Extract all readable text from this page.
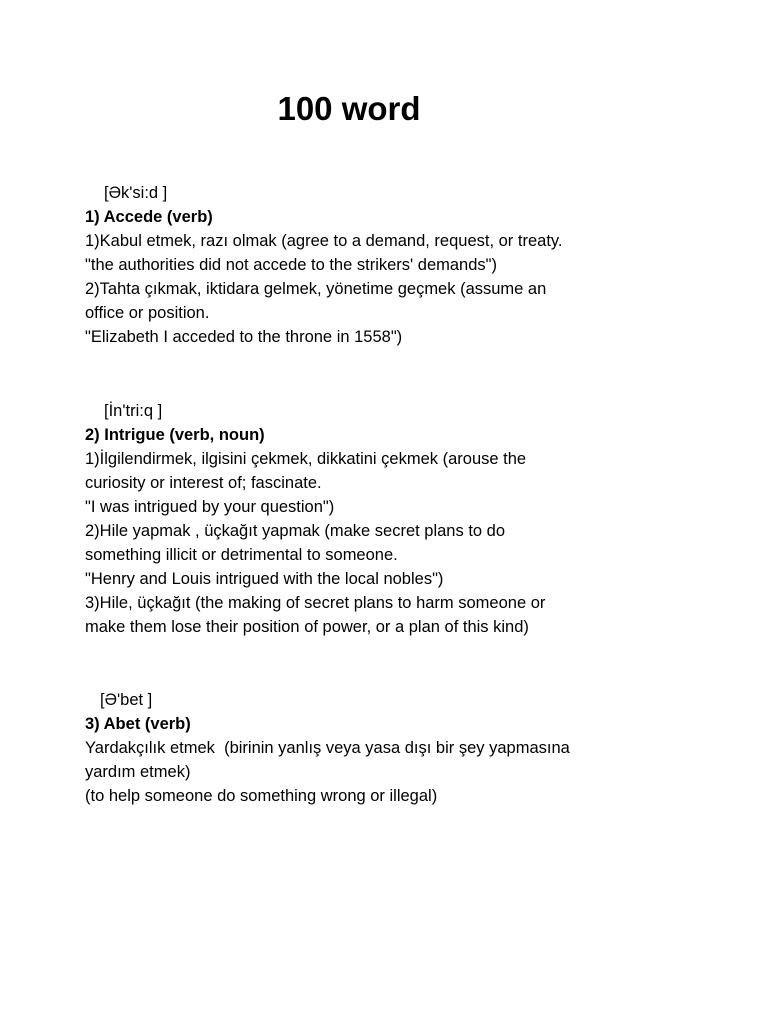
100 word
[Ək'si:d ]
1) Accede (verb)
1)Kabul etmek, razı olmak (agree to a demand, request, or treaty.
"the authorities did not accede to the strikers' demands")
2)Tahta çıkmak, iktidara gelmek, yönetime geçmek (assume an
office or position.
"Elizabeth I acceded to the throne in 1558")
[İn'tri:q ]
2) Intrigue (verb, noun)
1)İlgilendirmek, ilgisini çekmek, dikkatini çekmek (arouse the
curiosity or interest of; fascinate.
"I was intrigued by your question")
2)Hile yapmak , üçkağıt yapmak (make secret plans to do
something illicit or detrimental to someone.
"Henry and Louis intrigued with the local nobles")
3)Hile, üçkağıt (the making of secret plans to harm someone or
make them lose their position of power, or a plan of this kind)
[Ə'bet ]
3) Abet (verb)
Yardakçılık etmek  (birinin yanlış veya yasa dışı bir şey yapmasına
yardım etmek)
(to help someone do something wrong or illegal)
